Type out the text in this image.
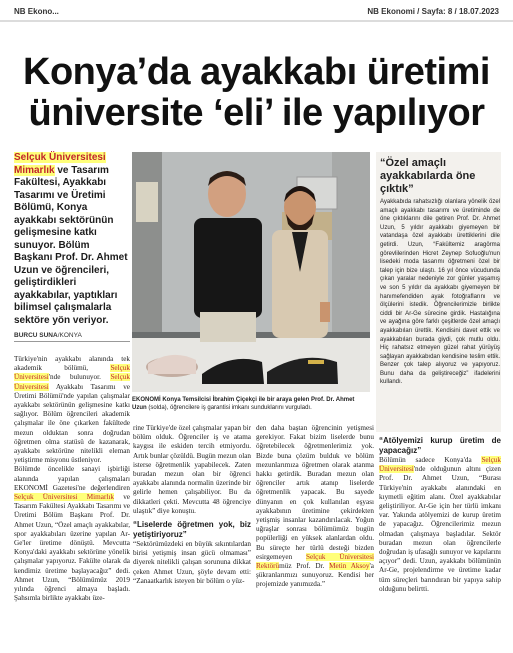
NB Ekono...	NB Ekonomi / Sayfa: 8 / 18.07.2023
Konya’da ayakkabı üretimi
üniversite ‘eli’ ile yapılıyor
Selçuk Üniversitesi Mimarlık ve Tasarım Fakültesi, Ayakkabı Tasarımı ve Üretimi Bölümü, Konya ayakkabı sektörünün gelişmesine katkı sunuyor. Bölüm Başkanı Prof. Dr. Ahmet Uzun ve öğrencileri, geliştirdikleri ayakkabılar, yaptıkları bilimsel çalışmalarla sektöre yön veriyor.
BURCU SUNA/KONYA
EKONOMİ Konya Temsilcisi İbrahim Çiçekçi ile bir araya gelen Prof. Dr. Ahmet Uzun (solda), öğrencilere iş garantisi imkanı sunduklarını vurguladı.
“Özel amaçlı ayakkabılarda öne çıktık”
Ayakkabıda rahatsızlığı olanlara yönelik özel amaçlı ayakkabı tasarımı ve üretiminde de öne çıktıklarını dile getiren Prof. Dr. Ahmet Uzun, 5 yıldır ayakkabı giyemeyen bir vatandaşa özel ayakkabı ürettiklerini dile getirdi. Uzun, “Fakültemiz aragörma görevlilerinden Hicret Zeynep Sofuoğlu'nun lisedeki moda tasarımı öğretmeni özel bir talep için bize ulaştı. 16 yıl önce vücudunda çıkan yaralar nedeniyle zor günler yaşamış ve son 5 yıldır da ayakkabı giyemeyen bir hanımefendiden ayak fotoğraflarını ve ölçülerini istedik. Öğrencilerimizle birlikte ciddi bir Ar-Ge sürecine girdik. Hastalığına ve ayağına göre farklı çeşitlerde özel amaçlı ayakkabıları ürettik. Kendisini davet ettik ve ayakkabıları burada giydi, çok mutlu oldu. Hiç rahatsız etmeyen güzel rahat yürüyüş sağlayan ayakkabıdan kendisine teslim ettik. Benzer çok talep alıyoruz ve yapıyoruz. Bunu daha da geliştireceğiz” ifadelerini kullandı.
Türkiye'nin ayakkabı alanında tek akademik bölümü, Selçuk Üniversitesi'nde bulunuyor. Selçuk Üniversitesi Ayakkabı Tasarımı ve Üretimi Bölümü'nde yapılan çalışmalar ayakkabı sektörünün gelişmesine katkı sağlıyor. Bölüm öğrencileri akademik çalışmalar ile öne çıkarken fakültede mezun olduktan sonra doğrudan öğretmen olma statüsü de kazanarak, ayakkabı sektörüne nitelikli eleman yetiştirme misyonu üstleniyor.
Bölümde öncelikle sanayi işbirliği alanında yapılan çalışmaları EKONOMİ Gazetesi'ne değerlendiren Selçuk Üniversitesi Mimarlık ve Tasarım Fakültesi Ayakkabı Tasarımı ve Üretimi Bölüm Başkanı Prof. Dr. Ahmet Uzun, “Özel amaçlı ayakkabılar, spor ayakkabıları üzerine yapılan Ar-Ge'ler üretime dönüştü. Mevcutta Konya'daki ayakkabı sektörüne yönelik çalışmalar yapıyoruz. Fakülte olarak da kendimiz üretime başlayacağız” dedi. Ahmet Uzun, “Bölümümüz 2019 yılında öğrenci almaya başladı. Şahsımla birlikte ayakkabı üze-
rine Türkiye'de özel çalışmalar yapan bir bölüm olduk. Öğrenciler iş ve atama kaygısı ile eskiden tercih etmiyordu. Artık bunlar çözüldü. Bugün mezun olan isterse öğretmenlik yapabilecek. Zaten buradan mezun olan bir öğrenci ayakkabı alanında normalin üzerinde bir gelirle hemen çalışabiliyor. Bu da dikkatleri çekti. Mevcutta 48 öğrenciye ulaştık” diye konuştu.
“Liselerde öğretmen yok, biz yetiştiriyoruz”
“Sektörümüzdeki en büyük sıkıntılardan birisi yetişmiş insan gücü olmaması” diyerek nitelikli çalışan sorununa dikkat çeken Ahmet Uzun, şöyle devam etti: “Zanaatkarlık isteyen bir bölüm o yüz-
den daha baştan öğrencinin yetişmesi gerekiyor. Fakat bizim liselerde bunu öğretebilecek öğretmenlerimiz yok. Bizde buna çözüm bulduk ve bölüm mezunlarımıza öğretmen olarak atanma hakkı getirdik. Buradan mezun olan öğrenciler artık atanıp liselerde öğretmenlik yapacak. Bu sayede dünyanın en çok kullanılan eşyası ayakkabının üretimine çekirdekten yetişmiş insanlar kazandırılacak. Yoğun uğraşlar sonrası bölümümüz bugün popülerliği en yüksek alanlardan oldu. Bu süreçte her türlü desteği bizden esirgemeyen Selçuk Üniversitesi Rektörümüz Prof. Dr. Metin Aksoy'a şükranlarımızı sunuyoruz. Kendisi her projemizde yanımızda.”
“Atölyemizi kurup üretim de yapacağız”
Bölümün sadece Konya'da Selçuk Üniversitesi'nde olduğunun altını çizen Prof. Dr. Ahmet Uzun, “Burası Türkiye'nin ayakkabı alanındaki en kıymetli eğitim alanı. Özel ayakkabılar geliştiriliyor. Ar-Ge için her türlü imkanı var. Yakında atölyemizi de kurup üretim de yapacağız. Öğrencilerimiz mezun olmadan çalışmaya başladılar. Sektör buradan mezun olan öğrencilerle doğrudan iş ufasağlı sunuyor ve kapılarını açıyor” dedi. Uzun, ayakkabı bölümünün Ar-Ge, projelendirme ve üretime kadar tüm süreçleri barındıran bir yapıya sahip olduğunu belirtti.
